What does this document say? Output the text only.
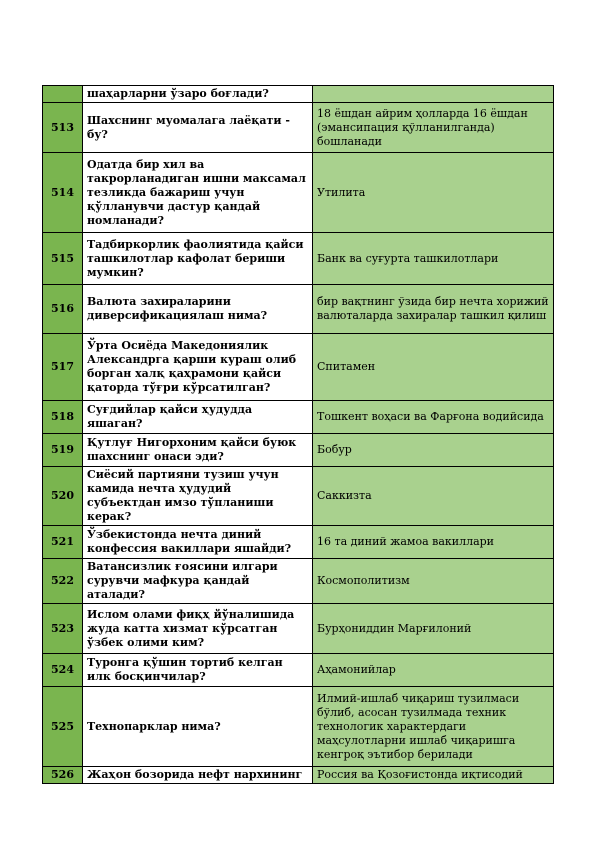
	шаҳарларни ўзаро боғлади?	
513	Шахснинг муомалага лаёқати - бу?	18 ёшдан айрим ҳолларда 16 ёшдан (эмансипация қўлланилганда) бошланади
514	Одатда бир хил ва такрорланадиган ишни максамал тезликда бажариш учун қўлланувчи дастур қандай номланади?	Утилита
515	Тадбиркорлик фаолиятида қайси ташкилотлар кафолат бериши мумкин?	Банк ва суғурта ташкилотлари
516	Валюта захираларини диверсификациялаш нима?	бир вақтнинг ўзида бир нечта хорижий валюталарда захиралар ташкил қилиш
517	Ўрта Осиёда Македониялик Александрга қарши кураш олиб борган халқ қаҳрамони қайси қаторда тўғри кўрсатилган?	Спитамен
518	Суғдийлар қайси ҳудудда яшаган?	Тошкент воҳаси ва Фарғона водийсида
519	Қутлуғ Нигорхоним қайси буюк шахснинг онаси эди?	Бобур
520	Сиёсий партияни тузиш учун камида нечта ҳудудий субъектдан имзо тўпланиши керак?	Саккизта
521	Ўзбекистонда нечта диний конфессия вакиллари яшайди?	16 та диний жамоа вакиллари
522	Ватансизлик ғоясини илгари сурувчи мафкура қандай аталади?	Космополитизм
523	Ислом олами фиқҳ йўналишида жуда катта хизмат кўрсатган ўзбек олими ким?	Бурҳониддин Марғилоний
524	Туронга қўшин тортиб келган илк босқинчилар?	Аҳамонийлар
525	Технопарклар нима?	Илмий-ишлаб чиқариш тузилмаси бўлиб, асосан тузилмада техник технологик характердаги маҳсулотларни ишлаб чиқаришга кенгроқ эътибор берилади
526	Жаҳон бозорида нефт нархининг	Россия ва Қозоғистонда иқтисодий
